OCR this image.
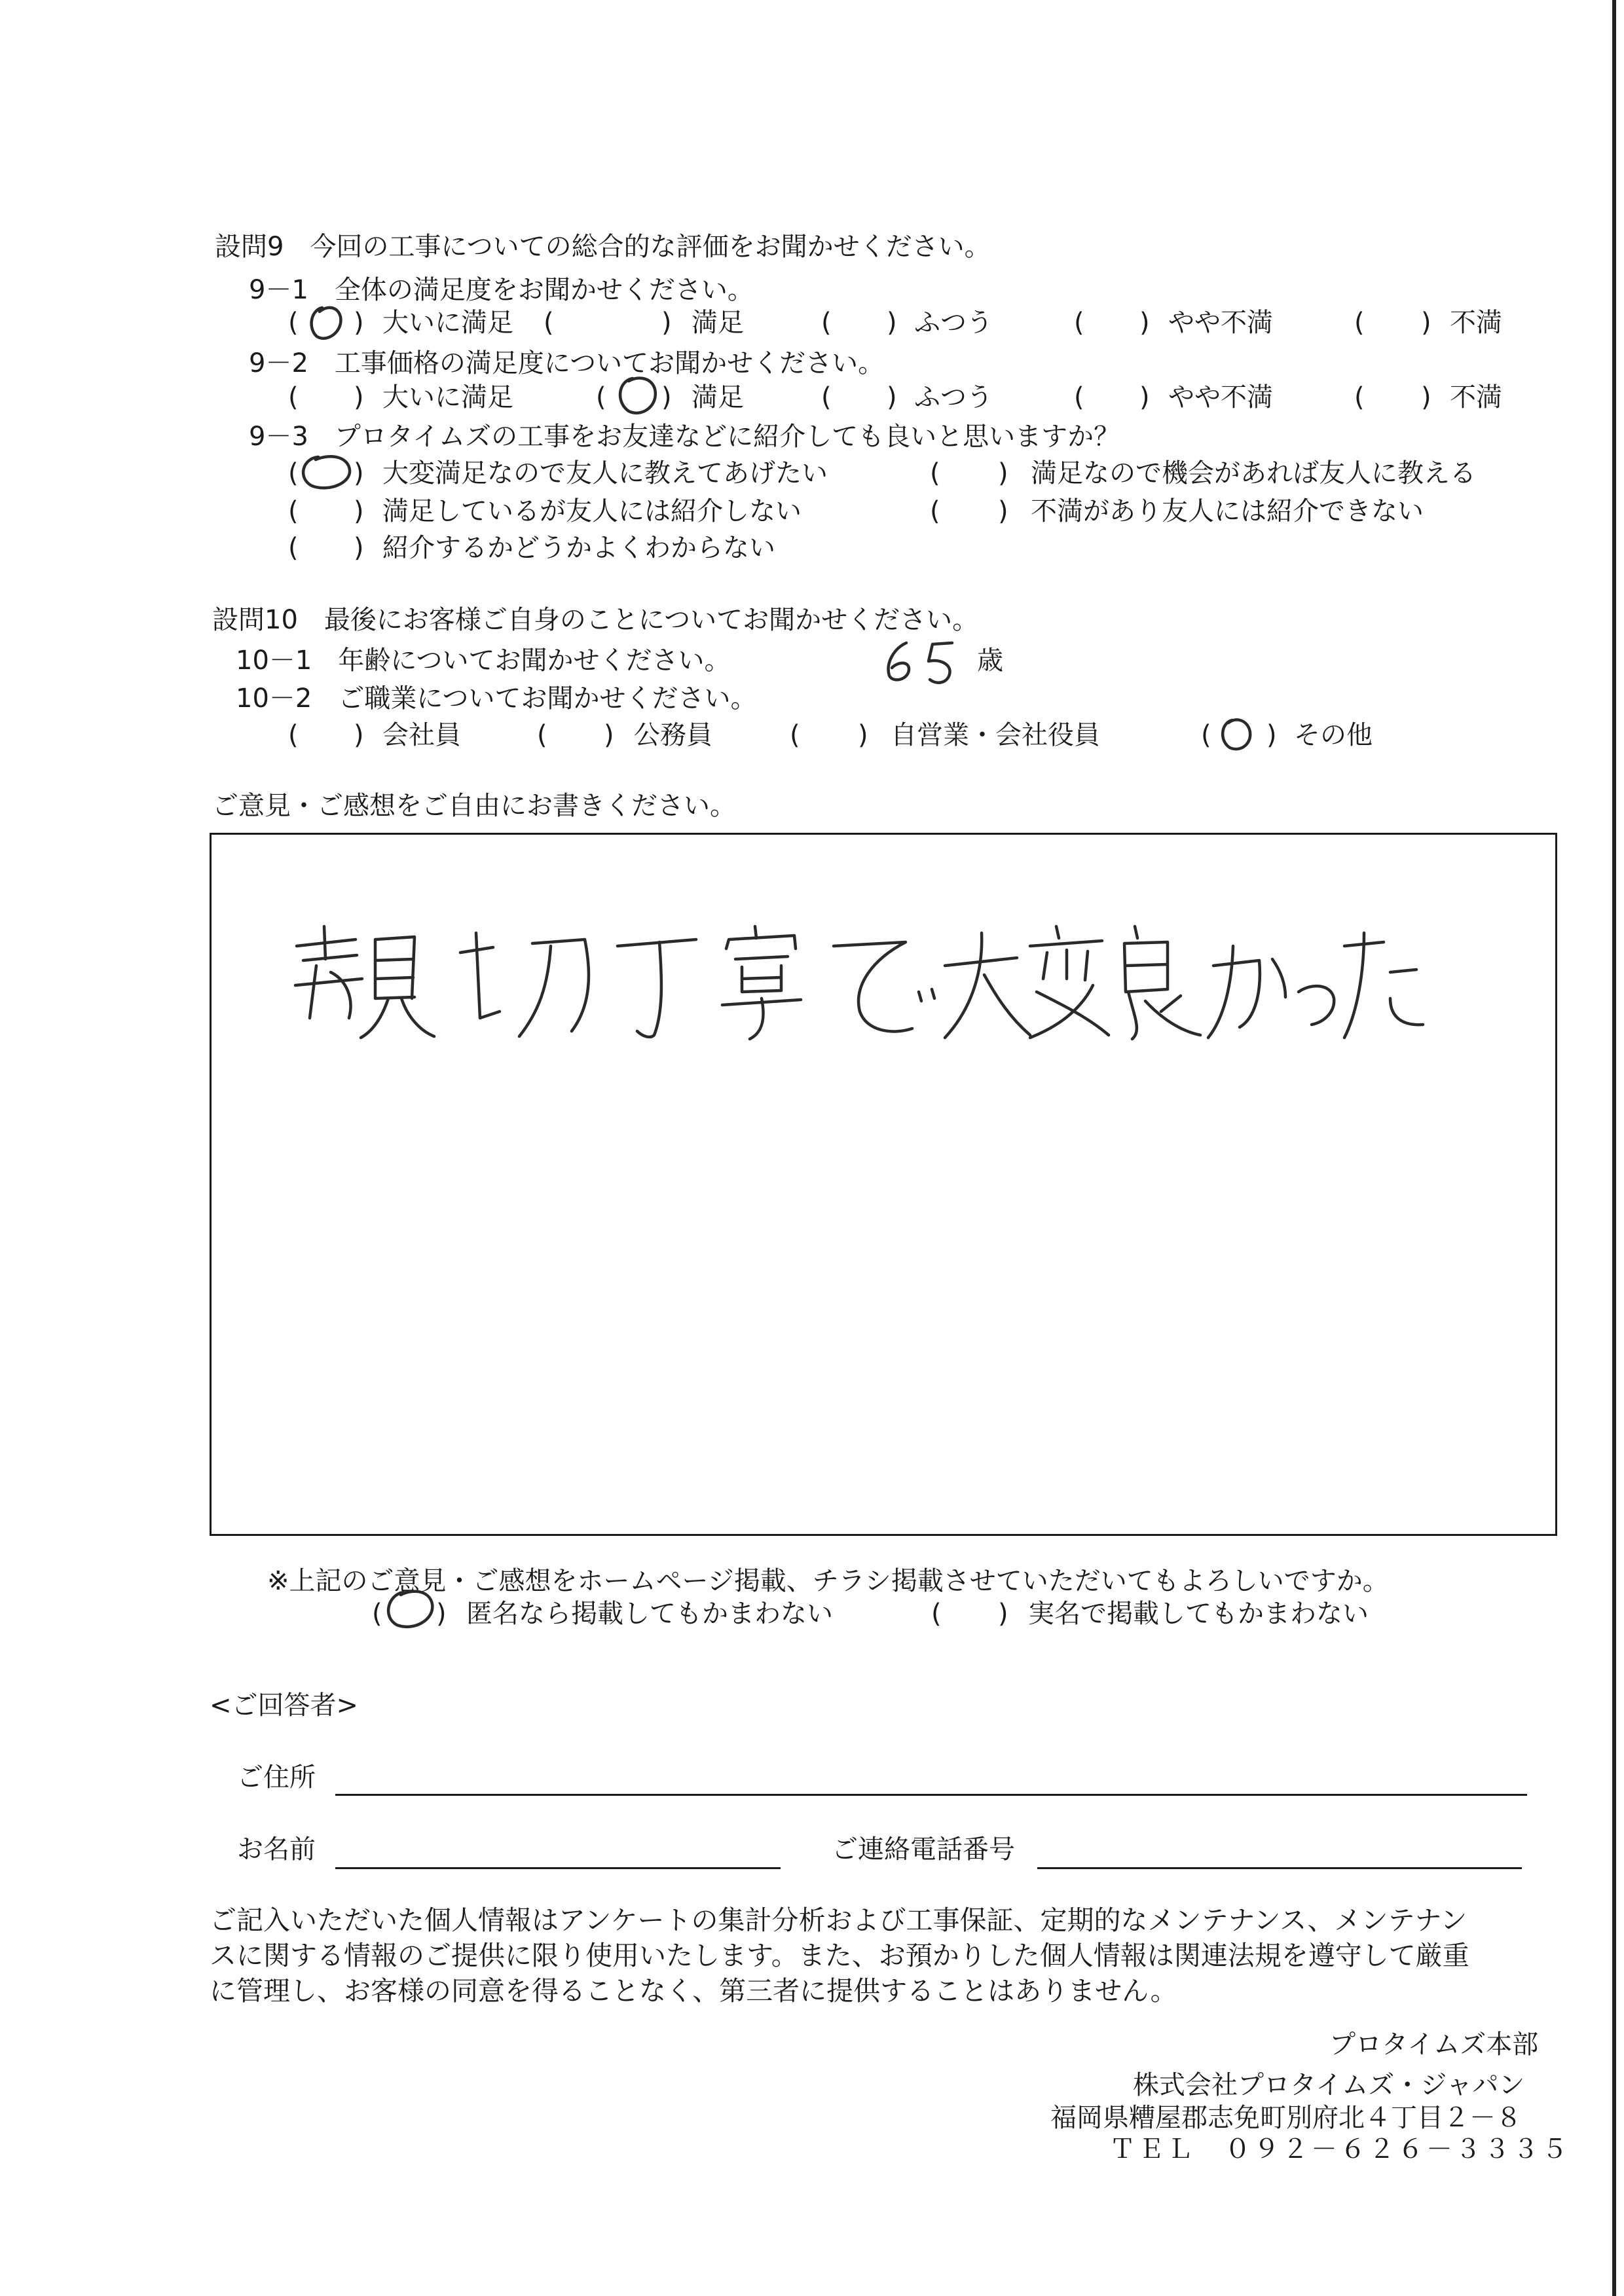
設問9　今回の工事についての総合的な評価をお聞かせください。
9－1　全体の満足度をお聞かせください。
( ) 大いに満足 (	) 満足	( ) ふつう	( ) やや不満	( ) 不満
9－2　工事価格の満足度についてお聞かせください。
( ) 大いに満足	( ) 満足	( ) ふつう	( ) やや不満	( ) 不満
9－3　プロタイムズの工事をお友達などに紹介しても良いと思いますか？
( ) 大変満足なので友人に教えてあげたい	( ) 満足なので機会があれば友人に教える
( ) 満足しているが友人には紹介しない	( ) 不満があり友人には紹介できない
( ) 紹介するかどうかよくわからない
設問10　最後にお客様ご自身のことについてお聞かせください。
10－1　年齢についてお聞かせください。	歳
10－2　ご職業についてお聞かせください。
( ) 会社員	( ) 公務員	( ) 自営業・会社役員	( ) その他
ご意見・ご感想をご自由にお書きください。
※上記のご意見・ご感想をホームページ掲載、チラシ掲載させていただいてもよろしいですか。
( ) 匿名なら掲載してもかまわない	( ) 実名で掲載してもかまわない
<ご回答者>
ご住所
お名前	ご連絡電話番号
ご記入いただいた個人情報はアンケートの集計分析および工事保証、定期的なメンテナンス、メンテナン
スに関する情報のご提供に限り使用いたします。また、お預かりした個人情報は関連法規を遵守して厳重
に管理し、お客様の同意を得ることなく、第三者に提供することはありません。
プロタイムズ本部
株式会社プロタイムズ・ジャパン
福岡県糟屋郡志免町別府北４丁目２－８
ＴＥＬ　０９２－６２６－３３３５
